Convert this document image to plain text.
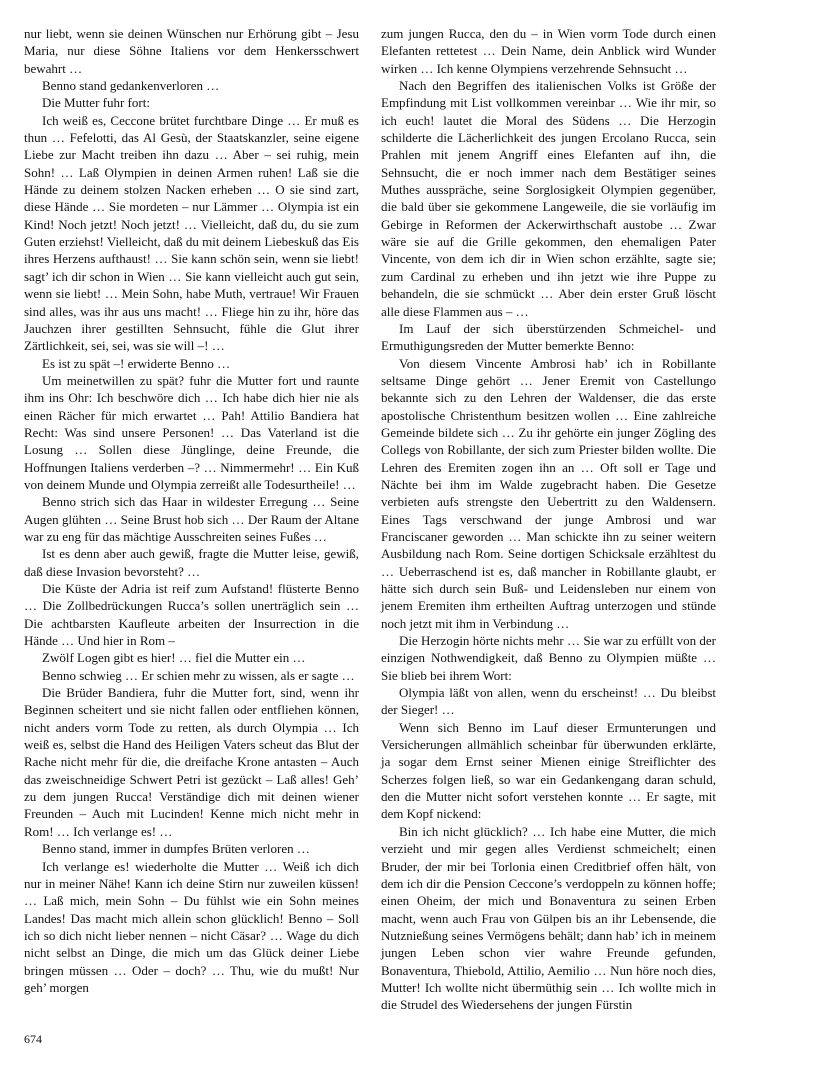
nur liebt, wenn sie deinen Wünschen nur Erhörung gibt – Jesu Maria, nur diese Söhne Italiens vor dem Henkersschwert bewahrt …

Benno stand gedankenverloren …

Die Mutter fuhr fort:

Ich weiß es, Ceccone brütet furchtbare Dinge … Er muß es thun … Fefelotti, das Al Gesù, der Staatskanzler, seine eigene Liebe zur Macht treiben ihn dazu … Aber – sei ruhig, mein Sohn! … Laß Olympien in deinen Armen ruhen! Laß sie die Hände zu deinem stolzen Nacken erheben … O sie sind zart, diese Hände … Sie mordeten – nur Lämmer … Olympia ist ein Kind! Noch jetzt! Noch jetzt! … Vielleicht, daß du, du sie zum Guten erziehst! Vielleicht, daß du mit deinem Liebeskuß das Eis ihres Herzens aufthaust! … Sie kann schön sein, wenn sie liebt! sagt’ ich dir schon in Wien … Sie kann vielleicht auch gut sein, wenn sie liebt! … Mein Sohn, habe Muth, vertraue! Wir Frauen sind alles, was ihr aus uns macht! … Fliege hin zu ihr, höre das Jauchzen ihrer gestillten Sehnsucht, fühle die Glut ihrer Zärtlichkeit, sei, sei, was sie will –! …

Es ist zu spät –! erwiderte Benno …

Um meinetwillen zu spät? fuhr die Mutter fort und raunte ihm ins Ohr: Ich beschwöre dich … Ich habe dich hier nie als einen Rächer für mich erwartet … Pah! Attilio Bandiera hat Recht: Was sind unsere Personen! … Das Vaterland ist die Losung … Sollen diese Jünglinge, deine Freunde, die Hoffnungen Italiens verderben –? … Nimmermehr! … Ein Kuß von deinem Munde und Olympia zerreißt alle Todesurtheile! …

Benno strich sich das Haar in wildester Erregung … Seine Augen glühten … Seine Brust hob sich … Der Raum der Altane war zu eng für das mächtige Ausschreiten seines Fußes …

Ist es denn aber auch gewiß, fragte die Mutter leise, gewiß, daß diese Invasion bevorsteht? …

Die Küste der Adria ist reif zum Aufstand! flüsterte Benno … Die Zollbedrückungen Rucca’s sollen unerträglich sein … Die achtbarsten Kaufleute arbeiten der Insurrection in die Hände … Und hier in Rom –

Zwölf Logen gibt es hier! … fiel die Mutter ein …

Benno schwieg … Er schien mehr zu wissen, als er sagte …

Die Brüder Bandiera, fuhr die Mutter fort, sind, wenn ihr Beginnen scheitert und sie nicht fallen oder entfliehen können, nicht anders vorm Tode zu retten, als durch Olympia … Ich weiß es, selbst die Hand des Heiligen Vaters scheut das Blut der Rache nicht mehr für die, die dreifache Krone antasten – Auch das zweischneidige Schwert Petri ist gezückt – Laß alles! Geh’ zu dem jungen Rucca! Verständige dich mit deinen wiener Freunden – Auch mit Lucinden! Kenne mich nicht mehr in Rom! … Ich verlange es! …

Benno stand, immer in dumpfes Brüten verloren …

Ich verlange es! wiederholte die Mutter … Weiß ich dich nur in meiner Nähe! Kann ich deine Stirn nur zuweilen küssen! … Laß mich, mein Sohn – Du fühlst wie ein Sohn meines Landes! Das macht mich allein schon glücklich! Benno – Soll ich so dich nicht lieber nennen – nicht Cäsar? … Wage du dich nicht selbst an Dinge, die mich um das Glück deiner Liebe bringen müssen … Oder – doch? … Thu, wie du mußt! Nur geh’ morgen

zum jungen Rucca, den du – in Wien vorm Tode durch einen Elefanten rettetest … Dein Name, dein Anblick wird Wunder wirken … Ich kenne Olympiens verzehrende Sehnsucht …

Nach den Begriffen des italienischen Volks ist Größe der Empfindung mit List vollkommen vereinbar … Wie ihr mir, so ich euch! lautet die Moral des Südens … Die Herzogin schilderte die Lächerlichkeit des jungen Ercolano Rucca, sein Prahlen mit jenem Angriff eines Elefanten auf ihn, die Sehnsucht, die er noch immer nach dem Bestätiger seines Muthes ausspräche, seine Sorglosigkeit Olympien gegenüber, die bald über sie gekommene Langeweile, die sie vorläufig im Gebirge in Reformen der Ackerwirthschaft austobe … Zwar wäre sie auf die Grille gekommen, den ehemaligen Pater Vincente, von dem ich dir in Wien schon erzählte, sagte sie; zum Cardinal zu erheben und ihn jetzt wie ihre Puppe zu behandeln, die sie schmückt … Aber dein erster Gruß löscht alle diese Flammen aus – …

Im Lauf der sich überstürzenden Schmeichel- und Ermuthigungsreden der Mutter bemerkte Benno:

Von diesem Vincente Ambrosi hab’ ich in Robillante seltsame Dinge gehört … Jener Eremit von Castellungo bekannte sich zu den Lehren der Waldenser, die das erste apostolische Christenthum besitzen wollen … Eine zahlreiche Gemeinde bildete sich … Zu ihr gehörte ein junger Zögling des Collegs von Robillante, der sich zum Priester bilden wollte. Die Lehren des Eremiten zogen ihn an … Oft soll er Tage und Nächte bei ihm im Walde zugebracht haben. Die Gesetze verbieten aufs strengste den Uebertritt zu den Waldensern. Eines Tags verschwand der junge Ambrosi und war Franciscaner geworden … Man schickte ihn zu seiner weitern Ausbildung nach Rom. Seine dortigen Schicksale erzähltest du … Ueberraschend ist es, daß mancher in Robillante glaubt, er hätte sich durch sein Buß- und Leidensleben nur einem von jenem Eremiten ihm ertheilten Auftrag unterzogen und stünde noch jetzt mit ihm in Verbindung …

Die Herzogin hörte nichts mehr … Sie war zu erfüllt von der einzigen Nothwendigkeit, daß Benno zu Olympien müßte … Sie blieb bei ihrem Wort:

Olympia läßt von allen, wenn du erscheinst! … Du bleibst der Sieger! …

Wenn sich Benno im Lauf dieser Ermunterungen und Versicherungen allmählich scheinbar für überwunden erklärte, ja sogar dem Ernst seiner Mienen einige Streiflichter des Scherzes folgen ließ, so war ein Gedankengang daran schuld, den die Mutter nicht sofort verstehen konnte … Er sagte, mit dem Kopf nickend:

Bin ich nicht glücklich? … Ich habe eine Mutter, die mich verzieht und mir gegen alles Verdienst schmeichelt; einen Bruder, der mir bei Torlonia einen Creditbrief offen hält, von dem ich dir die Pension Ceccone’s verdoppeln zu können hoffe; einen Oheim, der mich und Bonaventura zu seinen Erben macht, wenn auch Frau von Gülpen bis an ihr Lebensende, die Nutznießung seines Vermögens behält; dann hab’ ich in meinem jungen Leben schon vier wahre Freunde gefunden, Bonaventura, Thiebold, Attilio, Aemilio … Nun höre noch dies, Mutter! Ich wollte nicht übermüthig sein … Ich wollte mich in die Strudel des Wiedersehens der jungen Fürstin

674
